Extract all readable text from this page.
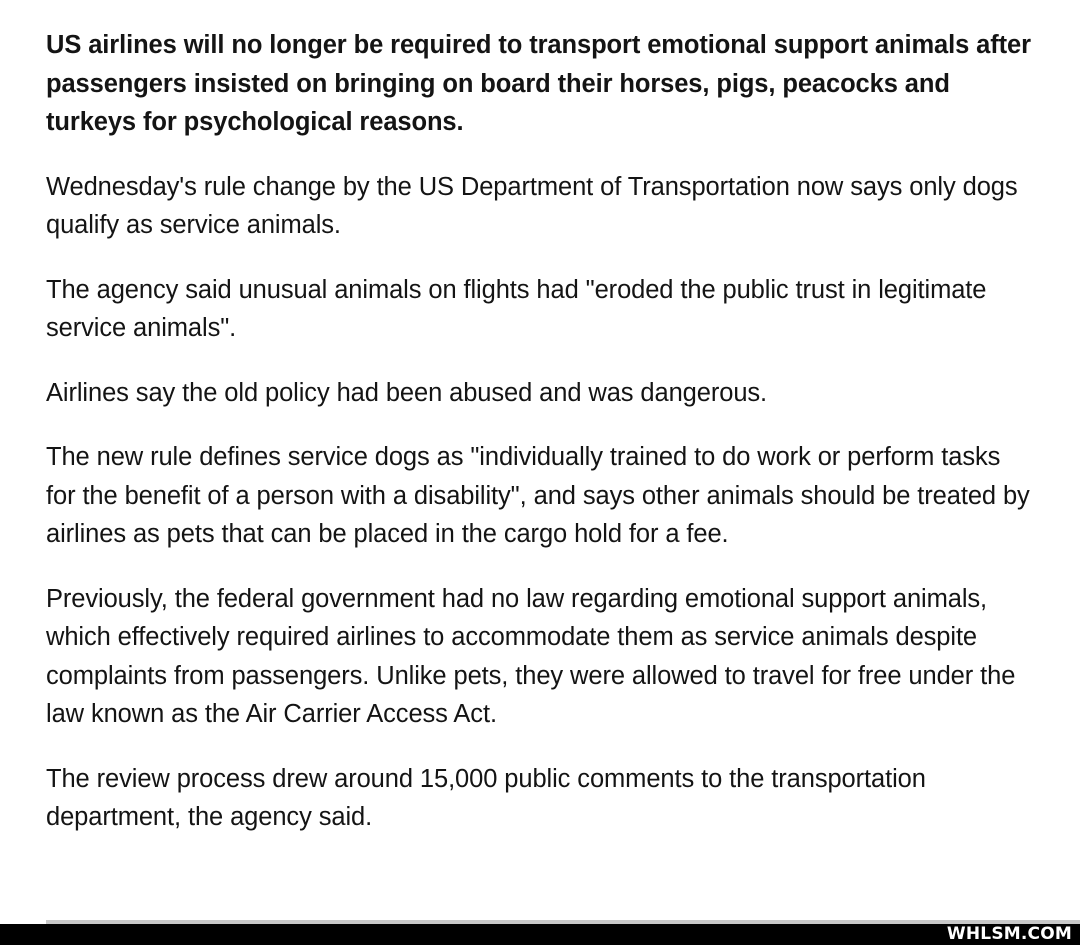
US airlines will no longer be required to transport emotional support animals after passengers insisted on bringing on board their horses, pigs, peacocks and turkeys for psychological reasons.

Wednesday's rule change by the US Department of Transportation now says only dogs qualify as service animals.

The agency said unusual animals on flights had "eroded the public trust in legitimate service animals".

Airlines say the old policy had been abused and was dangerous.

The new rule defines service dogs as "individually trained to do work or perform tasks for the benefit of a person with a disability", and says other animals should be treated by airlines as pets that can be placed in the cargo hold for a fee.

Previously, the federal government had no law regarding emotional support animals, which effectively required airlines to accommodate them as service animals despite complaints from passengers. Unlike pets, they were allowed to travel for free under the law known as the Air Carrier Access Act.

The review process drew around 15,000 public comments to the transportation department, the agency said.

WHLSM.COM
